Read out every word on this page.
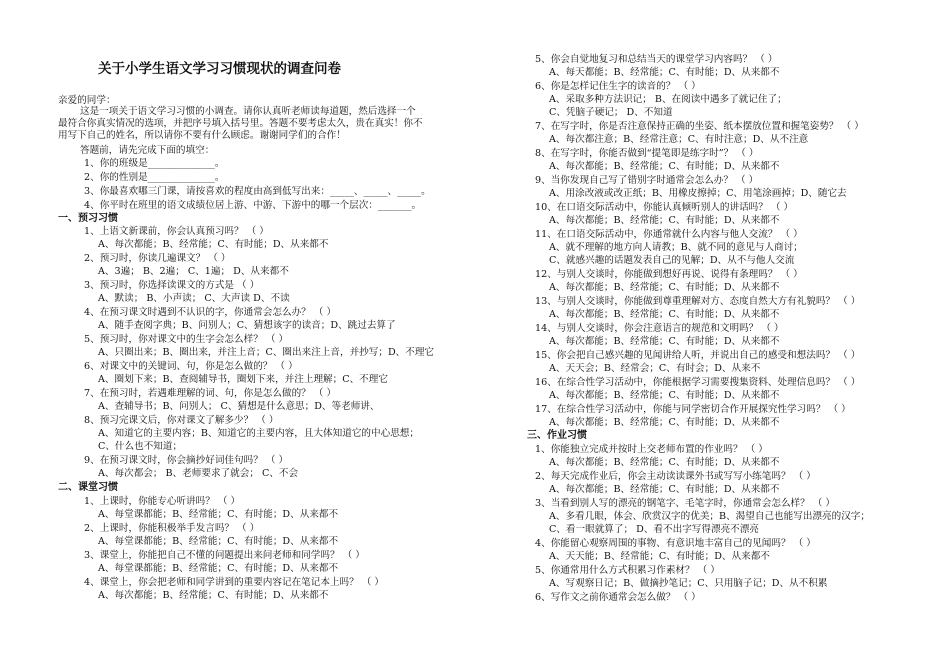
关于小学生语文学习习惯现状的调查问卷
亲爱的同学：
这是一项关于语文学习习惯的小调查。请你认真听老师读每道题，然后选择一个
最符合你真实情况的选项，并把序号填入括号里。答题不要考虑太久，贵在真实！你不
用写下自己的姓名，所以请你不要有什么顾虑。谢谢同学们的合作！
答题前，请先完成下面的填空：
1、你的班级是______________。
2、你的性别是______________。
3、你最喜欢哪三门课，请按喜欢的程度由高到低写出来：_____、_____、_____。
4、你平时在班里的语文成绩位居上游、中游、下游中的哪一个层次：_______。
一、预习习惯
1、上语文新课前，你会认真预习吗？ （ ）
A、每次都能；B、经常能；C、有时能；D、从来都不
2、预习时，你读几遍课文？ （ ）
A、3遍； B、2遍； C、1遍； D、从来都不
3、预习时，你选择读课文的方式是 （ ）
A、默读； B、小声读； C、大声读 D、不读
4、在预习课文时遇到不认识的字，你通常会怎么办？ （ ）
A、随手查阅字典；B、问别人；C、猜想该字的读音；D、跳过去算了
5、预习时，你对课文中的生字会怎么样？ （ ）
A、只圈出来；B、圈出来，并注上音；C、圈出来注上音，并抄写；D、不理它
6、对课文中的关键词、句，你是怎么做的？ （ ）
A、圈划下来；B、查阅辅导书，圈划下来，并注上理解；C、不理它
7、在预习时，若遇难理解的词、句，你是怎么做的？ （ ）
A、查辅导书；B、问别人； C、猜想是什么意思；D、等老师讲、
8、预习完课文后，你对课文了解多少？ （ ）
A、知道它的主要内容；B、知道它的主要内容，且大体知道它的中心思想；
C、什么也不知道；
9、在预习课文时，你会摘抄好词佳句吗？ （ ）
A、每次都会； B、老师要求了就会； C、不会
二、课堂习惯
1、上课时，你能专心听讲吗？ （ ）
A、每堂课都能；B、经常能；C、有时能；D、从来都不
2、上课时，你能积极举手发言吗？ （ ）
A、每堂课都能；B、经常能；C、有时能；D、从来都不
3、课堂上，你能把自己不懂的问题提出来问老师和同学吗？ （ ）
A、每堂课都能；B、经常能；C、有时能；D、从来都不
4、课堂上，你会把老师和同学讲到的重要内容记在笔记本上吗？ （ ）
A、每次都能；B、经常能；C、有时能；D、从来都不
5、你会自觉地复习和总结当天的课堂学习内容吗？ （ ）
A、每天都能；B、经常能；C、有时能；D、从来都不
6、你是怎样记住生字的读音的？ （ ）
A、采取多种方法识记； B、在阅读中遇多了就记住了；
C、凭脑子硬记； D、不知道
7、在写字时，你是否注意保持正确的坐姿、纸本摆放位置和握笔姿势？ （ ）
A、每次都注意；B、经常注意；C、有时注意；D、从不注意
8、在写字时，你能否做到“提笔即是练字时”？ （ ）
A、每次都能；B、经常能；C、有时能；D、从来都不
9、当你发现自己写了错别字时通常会怎么办？ （ ）
A、用涂改液或改正纸；B、用橡皮擦掉；C、用笔涂画掉；D、随它去
10、在口语交际活动中，你能认真倾听别人的讲话吗？ （ ）
A、每次都能；B、经常能；C、有时能；D、从来都不
11、在口语交际活动中，你通常就什么内容与他人交流？ （ ）
A、就不理解的地方向人请教；B、就不同的意见与人商讨；
C、就感兴趣的话题发表自己的见解；D、从不与他人交流
12、与别人交谈时，你能做到想好再说、说得有条理吗？ （ ）
A、每次都能；B、经常能；C、有时能；D、从来都不
13、与别人交谈时，你能做到尊重理解对方、态度自然大方有礼貌吗？ （ ）
A、每次都能；B、经常能；C、有时能；D、从来都不
14、与别人交谈时，你会注意语言的规范和文明吗？ （ ）
A、每次都能；B、经常能；C、有时能；D、从来都不
15、你会把自己感兴趣的见闻讲给人听，并说出自己的感受和想法吗？ （ ）
A、天天会；B、经常会；C、有时会；D、从来不
16、在综合性学习活动中，你能根据学习需要搜集资料、处理信息吗？ （ ）
A、每次都能；B、经常能；C、有时能；D、从来都不
17、在综合性学习活动中，你能与同学密切合作开展探究性学习吗？ （ ）
A、每次都能；B、经常能；C、有时能；D、从来都不
三、作业习惯
1、你能独立完成并按时上交老师布置的作业吗？ （ ）
A、每次都能；B、经常能；C、有时能；D、从来都不
2、每天完成作业后，你会主动读读课外书或写写小练笔吗？ （ ）
A、每次都能；B、经常能；C、有时能；D、从来都不
3、当看到别人写的漂亮的钢笔字、毛笔字时，你通常会怎么样？ （ ）
A、多看几眼，体会、欣赏汉字的优美；B、渴望自己也能写出漂亮的汉字；
C、看一眼就算了； D、看不出字写得漂亮不漂亮
4、你能留心观察周围的事物、有意识地丰富自己的见闻吗？ （ ）
A、天天能；B、经常能；C、有时能；D、从来都不
5、你通常用什么方式积累习作素材？ （ ）
A、写观察日记；B、做摘抄笔记；C、只用脑子记；D、从不积累
6、写作文之前你通常会怎么做？ （ ）
